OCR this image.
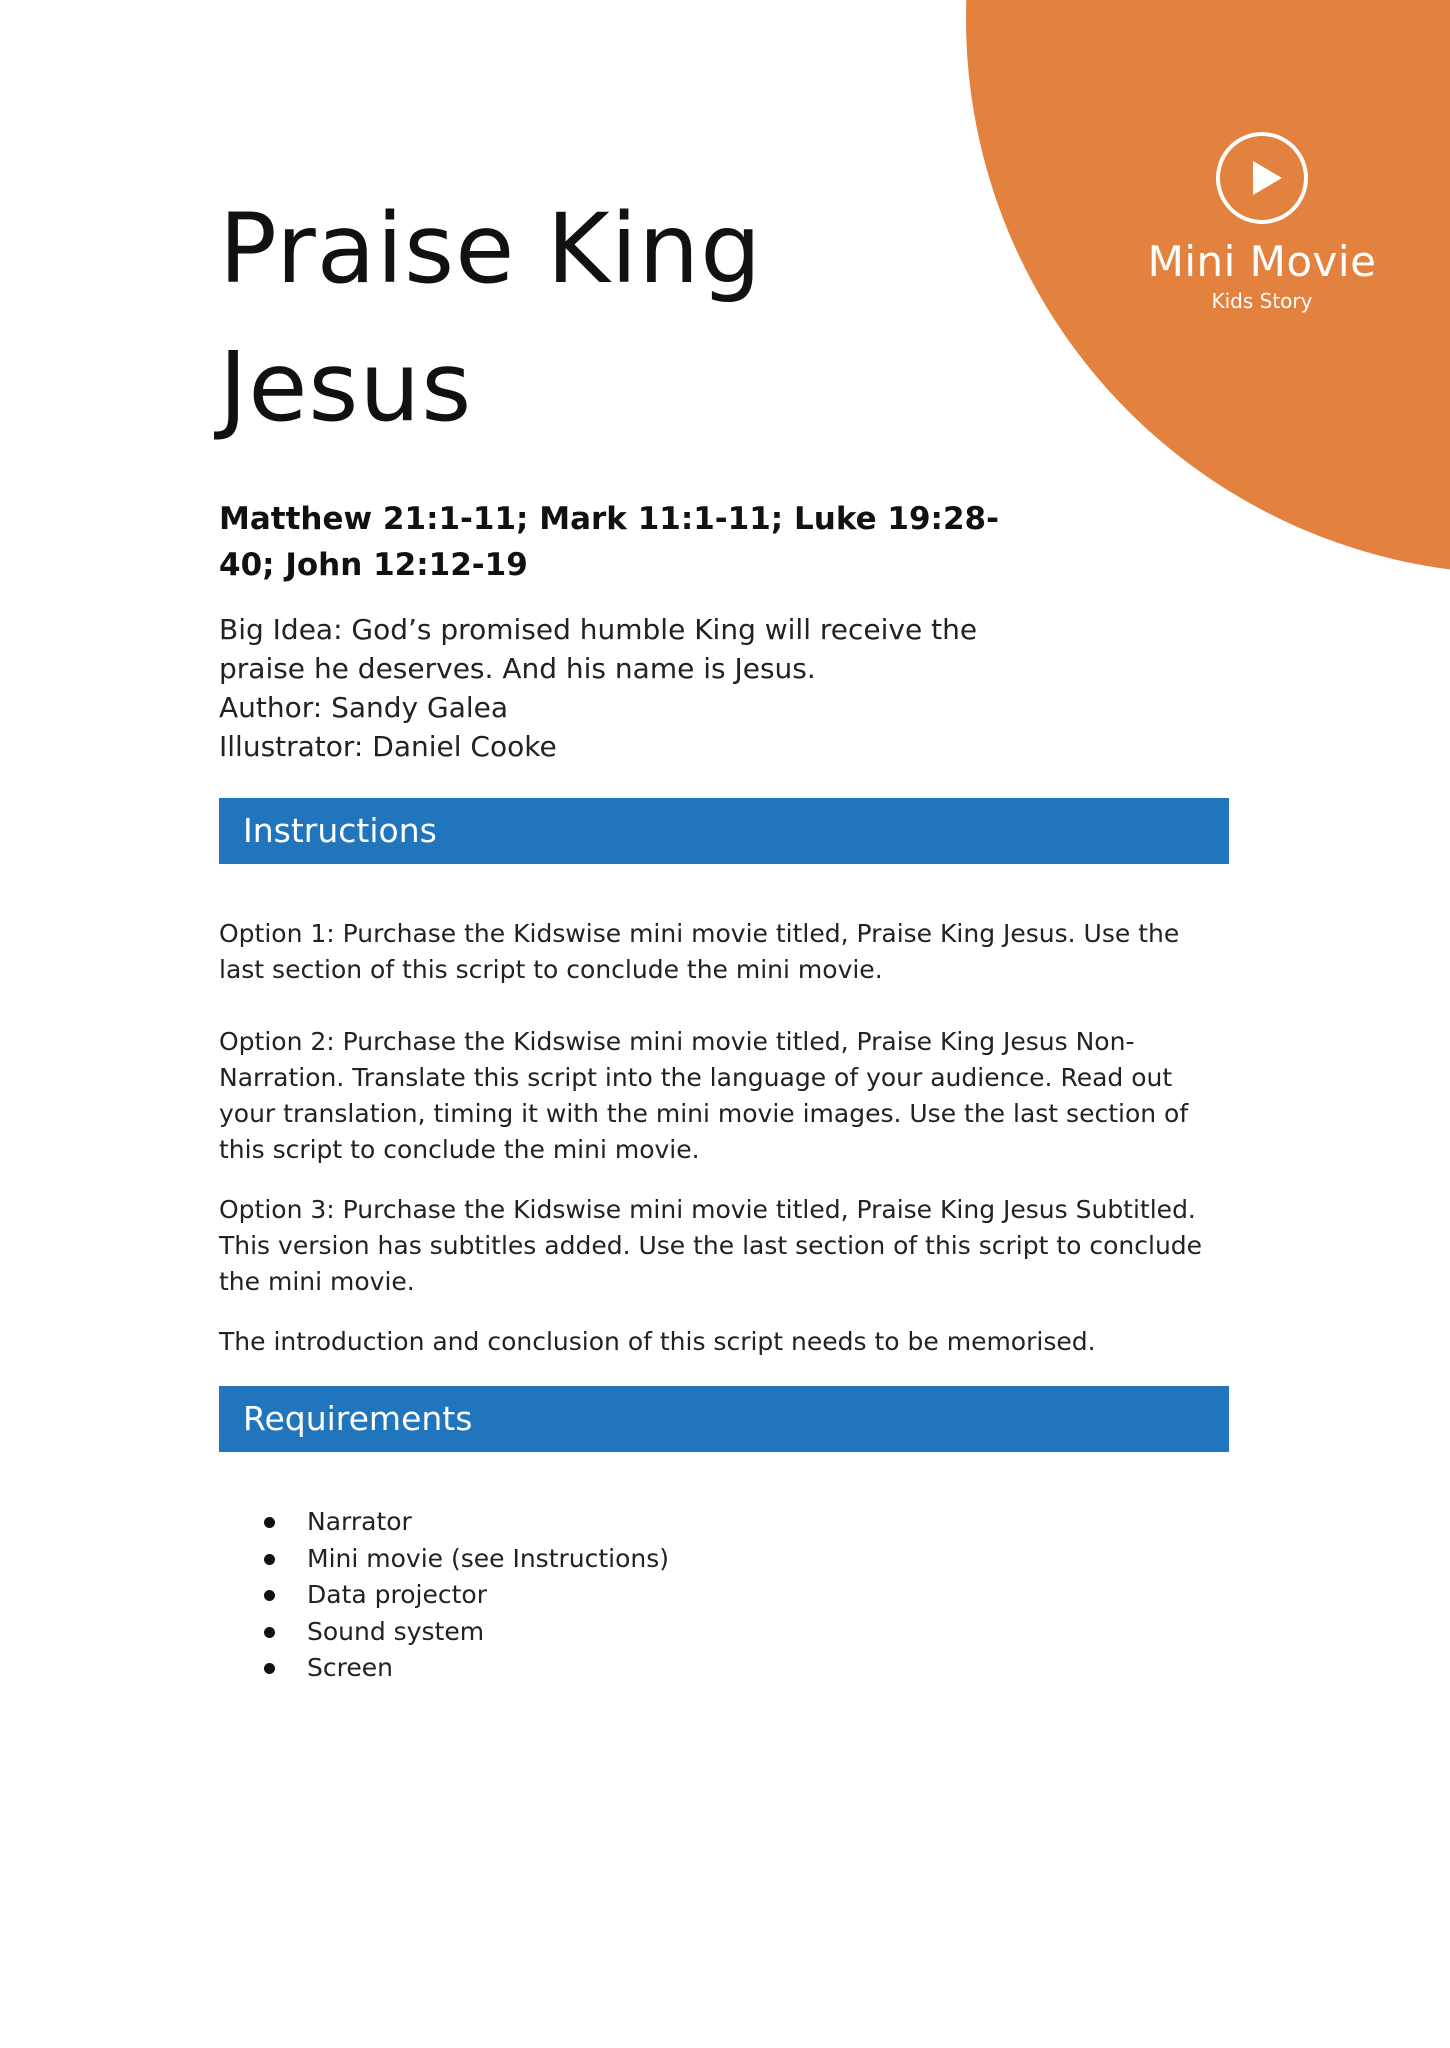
Mini Movie
Kids Story
Praise King Jesus
Matthew 21:1-11; Mark 11:1-11; Luke 19:28-40; John 12:12-19
Big Idea: God’s promised humble King will receive the praise he deserves. And his name is Jesus.
Author: Sandy Galea
Illustrator: Daniel Cooke
Instructions

Option 1: Purchase the Kidswise mini movie titled, Praise King Jesus. Use the last section of this script to conclude the mini movie.

Option 2: Purchase the Kidswise mini movie titled, Praise King Jesus Non-Narration. Translate this script into the language of your audience. Read out your translation, timing it with the mini movie images. Use the last section of this script to conclude the mini movie.

Option 3: Purchase the Kidswise mini movie titled, Praise King Jesus Subtitled. This version has subtitles added. Use the last section of this script to conclude the mini movie.

The introduction and conclusion of this script needs to be memorised.

Requirements
Narrator
Mini movie (see Instructions)
Data projector
Sound system
Screen
